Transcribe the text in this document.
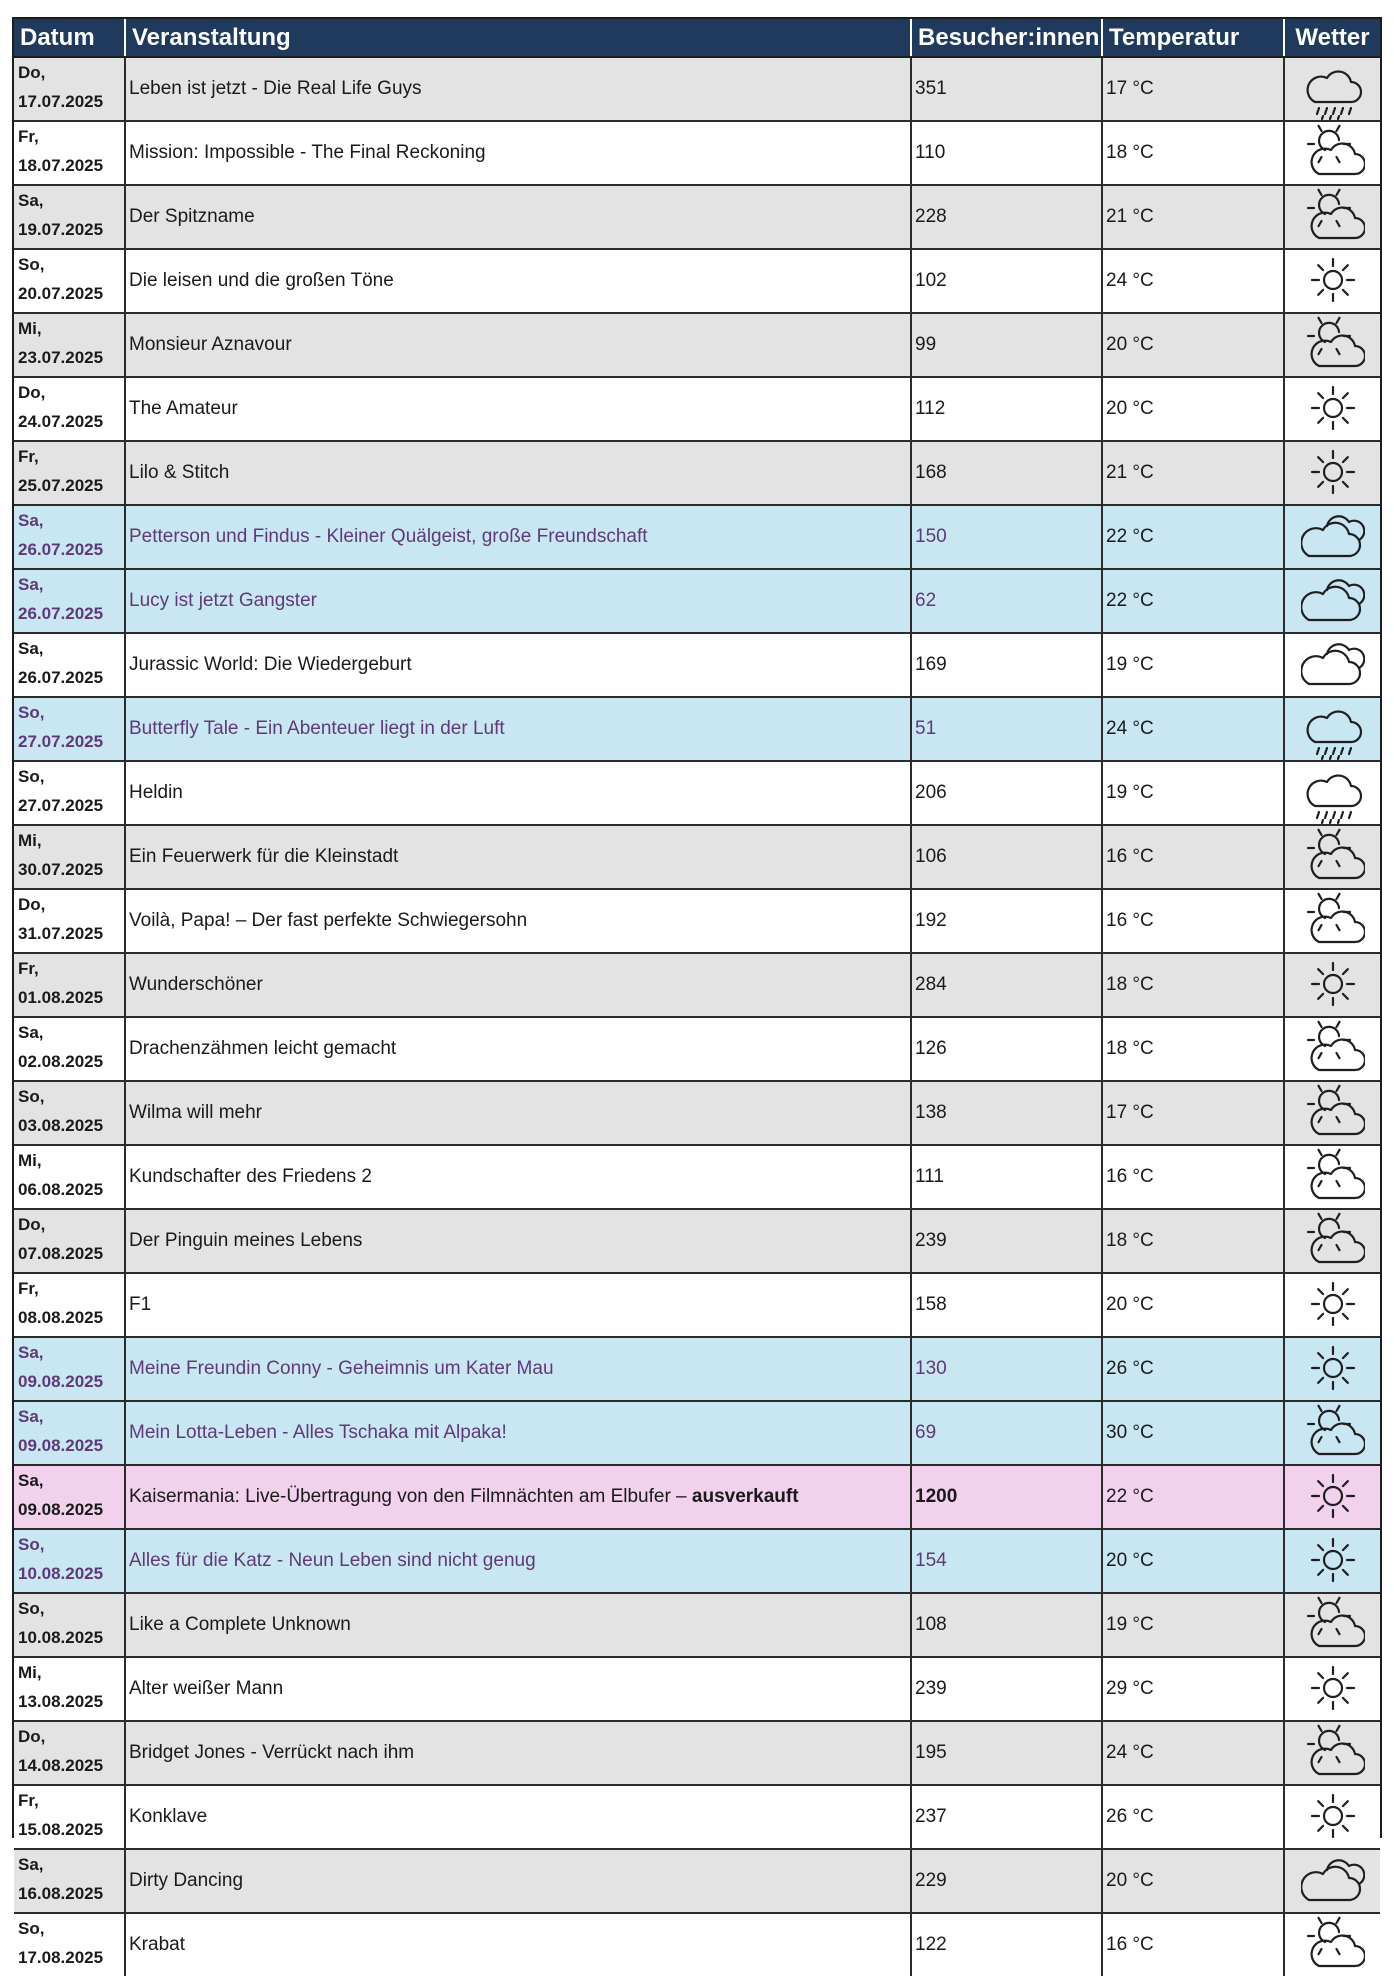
Datum	Veranstaltung	Besucher:innen	Temperatur	Wetter

Do,
17.07.2025	Leben ist jetzt - Die Real Life Guys	351	17 °C	

Fr,
18.07.2025	Mission: Impossible - The Final Reckoning	110	18 °C	

Sa,
19.07.2025	Der Spitzname	228	21 °C	

So,
20.07.2025	Die leisen und die großen Töne	102	24 °C	

Mi,
23.07.2025	Monsieur Aznavour	99	20 °C	

Do,
24.07.2025	The Amateur	112	20 °C	

Fr,
25.07.2025	Lilo & Stitch	168	21 °C	

Sa,
26.07.2025	Petterson und Findus - Kleiner Quälgeist, große Freundschaft	150	22 °C	

Sa,
26.07.2025	Lucy ist jetzt Gangster	62	22 °C	

Sa,
26.07.2025	Jurassic World: Die Wiedergeburt	169	19 °C	

So,
27.07.2025	Butterfly Tale - Ein Abenteuer liegt in der Luft	51	24 °C	

So,
27.07.2025	Heldin	206	19 °C	

Mi,
30.07.2025	Ein Feuerwerk für die Kleinstadt	106	16 °C	

Do,
31.07.2025	Voilà, Papa! – Der fast perfekte Schwiegersohn	192	16 °C	

Fr,
01.08.2025	Wunderschöner	284	18 °C	

Sa,
02.08.2025	Drachenzähmen leicht gemacht	126	18 °C	

So,
03.08.2025	Wilma will mehr	138	17 °C	

Mi,
06.08.2025	Kundschafter des Friedens 2	111	16 °C	

Do,
07.08.2025	Der Pinguin meines Lebens	239	18 °C	

Fr,
08.08.2025	F1	158	20 °C	

Sa,
09.08.2025	Meine Freundin Conny - Geheimnis um Kater Mau	130	26 °C	

Sa,
09.08.2025	Mein Lotta-Leben - Alles Tschaka mit Alpaka!	69	30 °C	

Sa,
09.08.2025	Kaisermania: Live-Übertragung von den Filmnächten am Elbufer – ausverkauft	1200	22 °C	

So,
10.08.2025	Alles für die Katz - Neun Leben sind nicht genug	154	20 °C	

So,
10.08.2025	Like a Complete Unknown	108	19 °C	

Mi,
13.08.2025	Alter weißer Mann	239	29 °C	

Do,
14.08.2025	Bridget Jones - Verrückt nach ihm	195	24 °C	

Fr,
15.08.2025	Konklave	237	26 °C	

Sa,
16.08.2025	Dirty Dancing	229	20 °C	

So,
17.08.2025	Krabat	122	16 °C	
